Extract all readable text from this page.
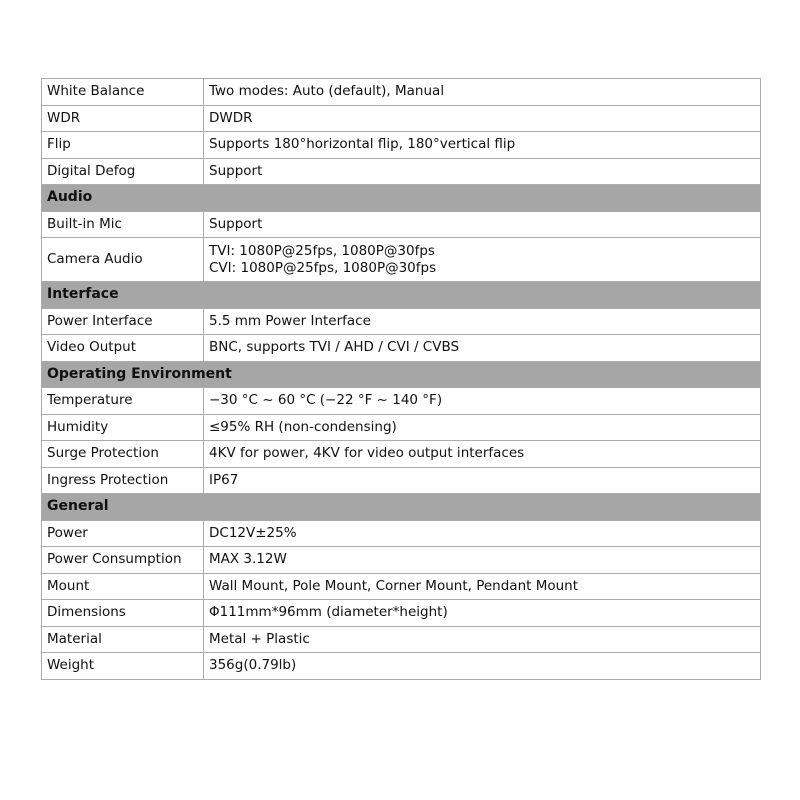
White Balance	Two modes: Auto (default), Manual
WDR	DWDR
Flip	Supports 180°horizontal flip, 180°vertical flip
Digital Defog	Support
Audio	
Built-in Mic	Support
Camera Audio	TVI: 1080P@25fps, 1080P@30fps
CVI: 1080P@25fps, 1080P@30fps

Interface	
Power Interface	5.5 mm Power Interface
Video Output	BNC, supports TVI / AHD / CVI / CVBS
Operating Environment	
Temperature	−30 °C ~ 60 °C (−22 °F ~ 140 °F)
Humidity	≤95% RH (non-condensing)
Surge Protection	4KV for power, 4KV for video output interfaces
Ingress Protection	IP67
General	
Power	DC12V±25%
Power Consumption	MAX 3.12W
Mount	Wall Mount, Pole Mount, Corner Mount, Pendant Mount
Dimensions	Φ111mm*96mm (diameter*height)
Material	Metal + Plastic
Weight	356g(0.79lb)
